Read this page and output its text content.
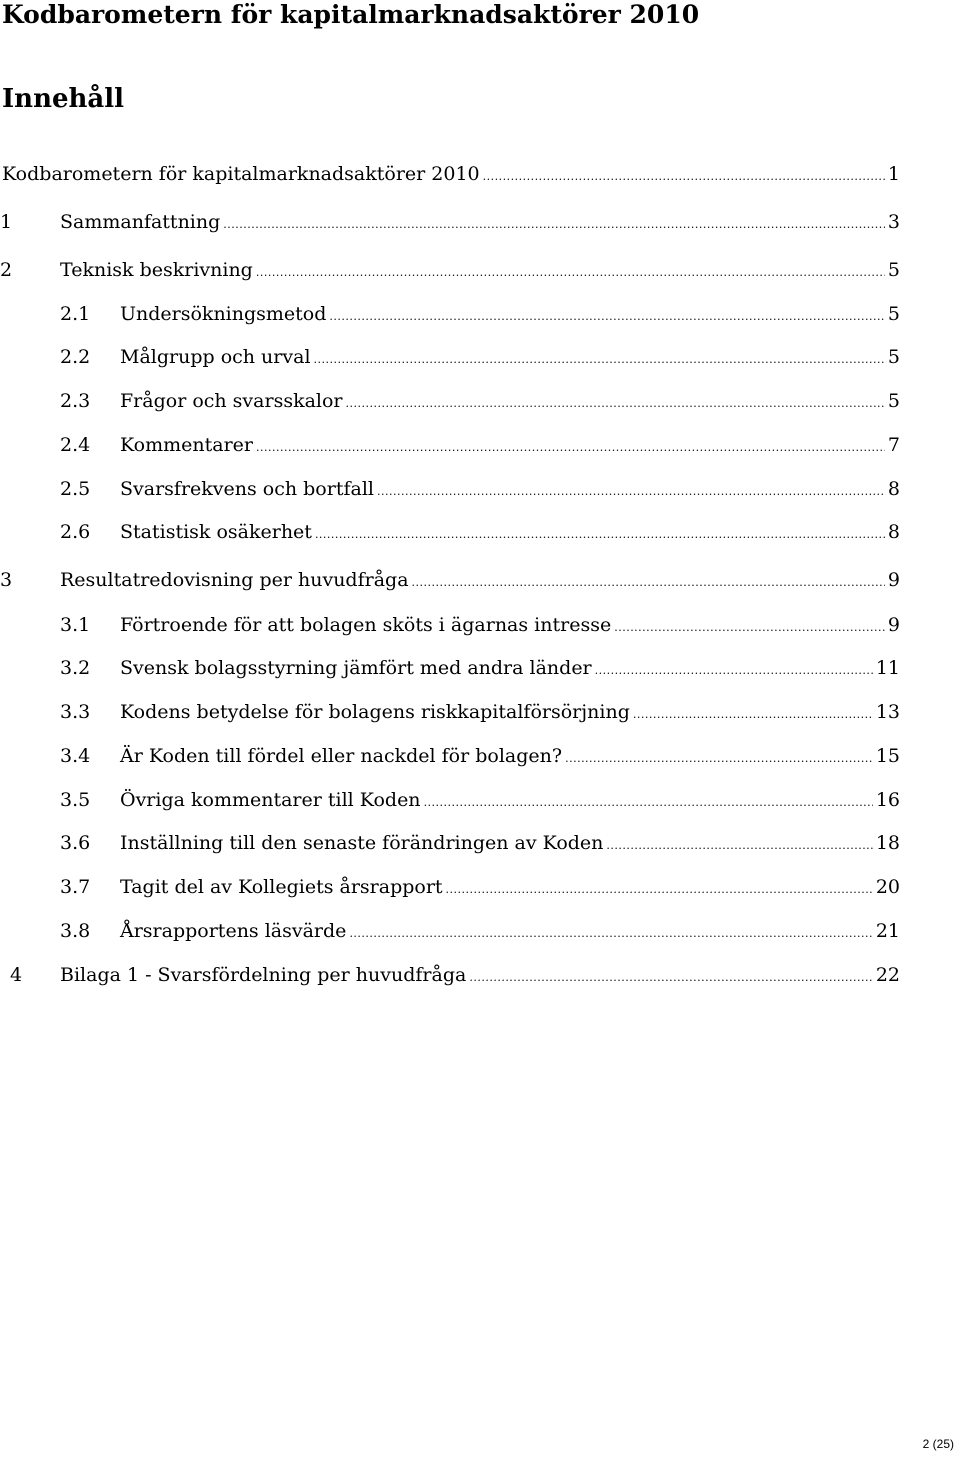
Kodbarometern för kapitalmarknadsaktörer 2010
Innehåll
Kodbarometern för kapitalmarknadsaktörer 2010 .....	1
1	Sammanfattning .....	3
2	Teknisk beskrivning .....	5
2.1	Undersökningsmetod .....	5
2.2	Målgrupp och urval .....	5
2.3	Frågor och svarsskalor .....	5
2.4	Kommentarer .....	7
2.5	Svarsfrekvens och bortfall .....	8
2.6	Statistisk osäkerhet .....	8
3	Resultatredovisning per huvudfråga .....	9
3.1	Förtroende för att bolagen sköts i ägarnas intresse .....	9
3.2	Svensk bolagsstyrning jämfört med andra länder .....	11
3.3	Kodens betydelse för bolagens riskkapitalförsörjning .....	13
3.4	Är Koden till fördel eller nackdel för bolagen? .....	15
3.5	Övriga kommentarer till Koden .....	16
3.6	Inställning till den senaste förändringen av Koden .....	18
3.7	Tagit del av Kollegiets årsrapport .....	20
3.8	Årsrapportens läsvärde .....	21
4	Bilaga 1 - Svarsfördelning per huvudfråga .....	22
2 (25)
